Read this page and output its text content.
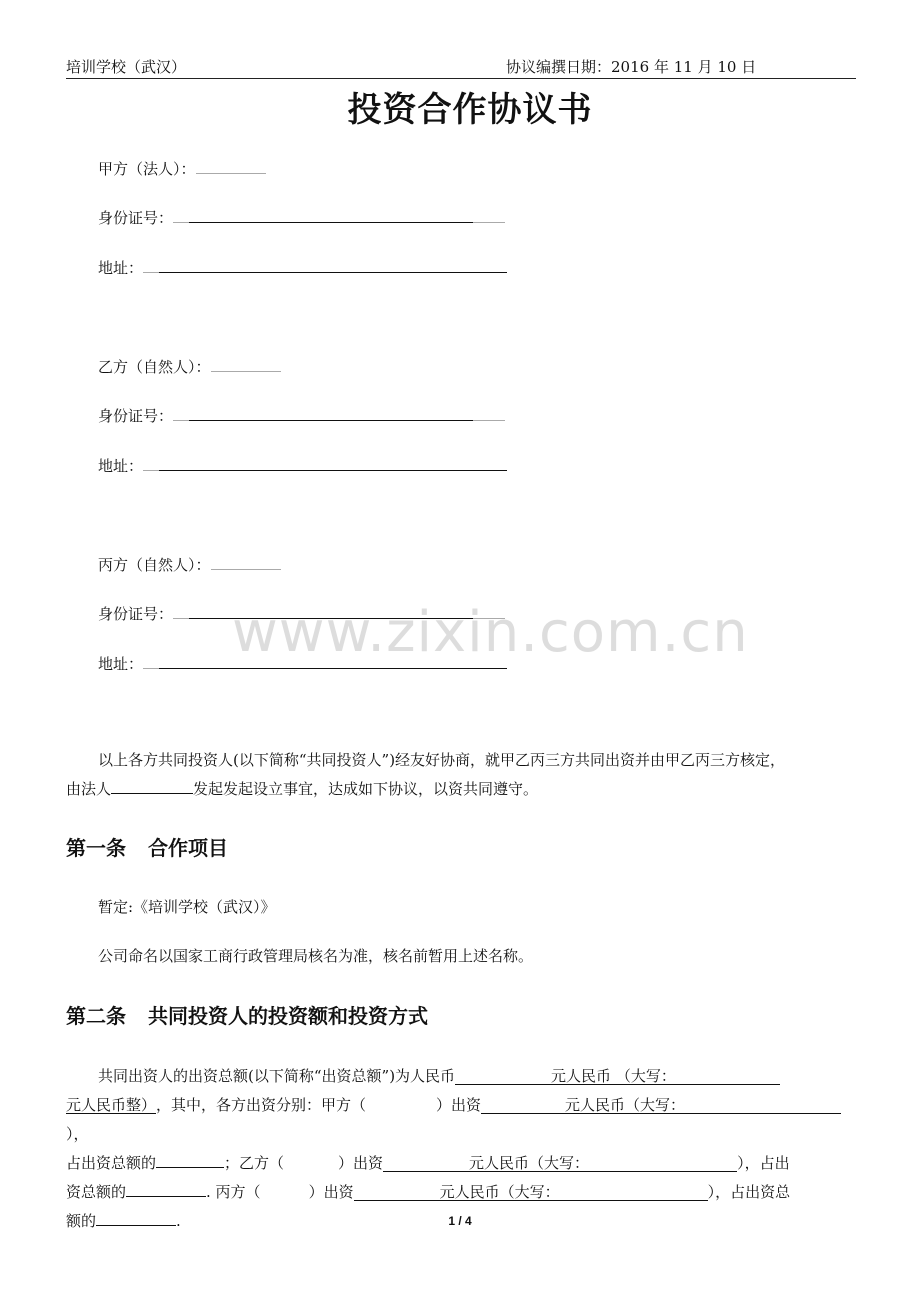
培训学校（武汉）	协议编撰日期：2016 年 11 月 10 日
投资合作协议书
甲方（法人）：
身份证号：
地址：
乙方（自然人）：
身份证号：
地址：
丙方（自然人）：
身份证号：
地址：	www.zixin.com.cn
以上各方共同投资人(以下简称“共同投资人”)经友好协商，就甲乙丙三方共同出资并由甲乙丙三方核定，
由法人	发起发起设立事宜，达成如下协议，以资共同遵守。
第一条 合作项目
暂定:《培训学校（武汉）》
公司命名以国家工商行政管理局核名为准，核名前暂用上述名称。
第二条 共同投资人的投资额和投资方式
共同出资人的出资总额(以下简称“出资总额”)为人民币	元人民币 （大写：
元人民币整），其中，各方出资分别：甲方（	）出资	元人民币（大写：），
占出资总额的	；乙方（	）出资	元人民币（大写：	），占出
资总额的	. 丙方（	）出资	元人民币（大写：	），占出资总
额的	.	1 / 4
